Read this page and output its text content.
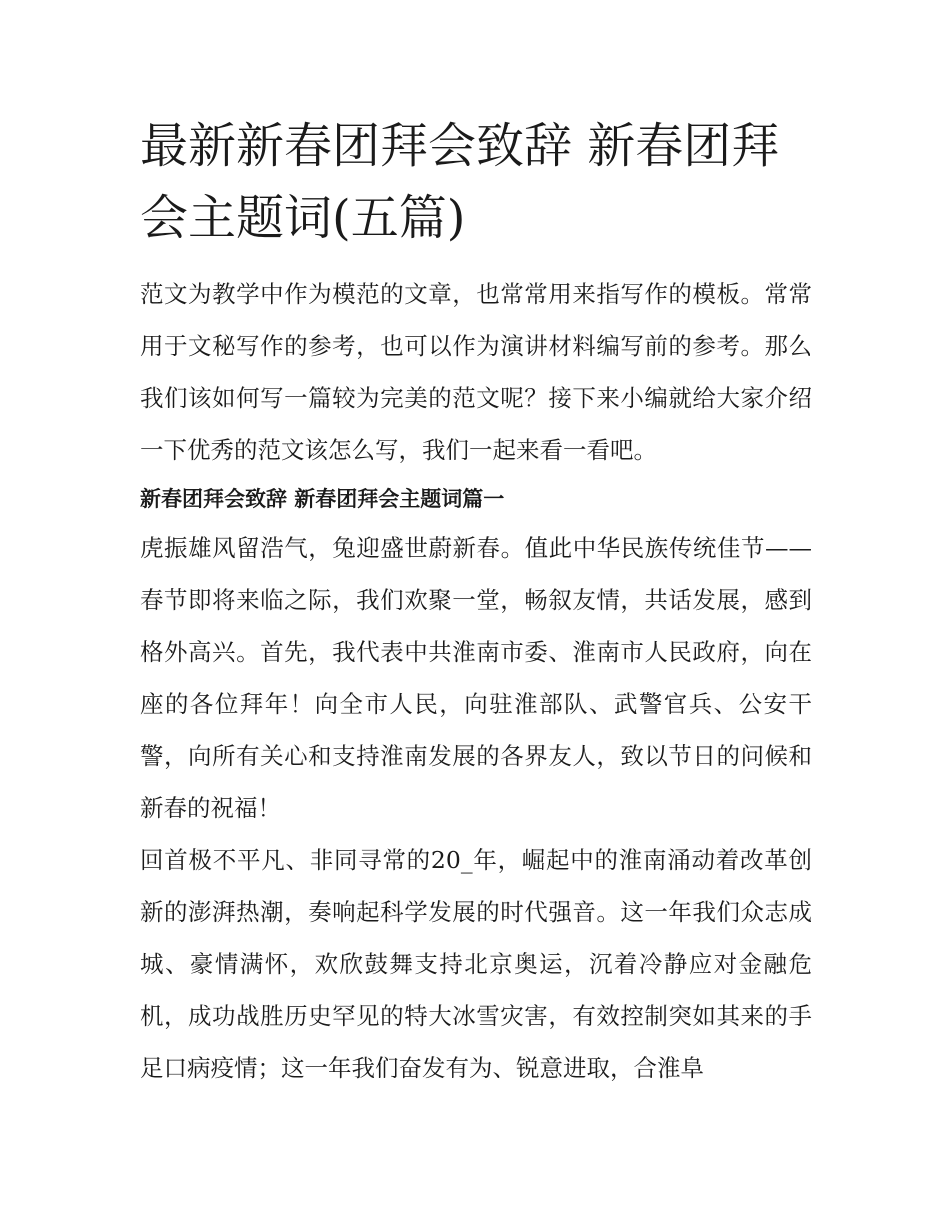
最新新春团拜会致辞 新春团拜会主题词(五篇)

范文为教学中作为模范的文章，也常常用来指写作的模板。常常用于文秘写作的参考，也可以作为演讲材料编写前的参考。那么我们该如何写一篇较为完美的范文呢？接下来小编就给大家介绍一下优秀的范文该怎么写，我们一起来看一看吧。

新春团拜会致辞 新春团拜会主题词篇一

虎振雄风留浩气，兔迎盛世蔚新春。值此中华民族传统佳节——春节即将来临之际，我们欢聚一堂，畅叙友情，共话发展，感到格外高兴。首先，我代表中共淮南市委、淮南市人民政府，向在座的各位拜年！向全市人民，向驻淮部队、武警官兵、公安干警，向所有关心和支持淮南发展的各界友人，致以节日的问候和新春的祝福！

回首极不平凡、非同寻常的20_年，崛起中的淮南涌动着改革创新的澎湃热潮，奏响起科学发展的时代强音。这一年我们众志成城、豪情满怀，欢欣鼓舞支持北京奥运，沉着冷静应对金融危机，成功战胜历史罕见的特大冰雪灾害，有效控制突如其来的手足口病疫情；这一年我们奋发有为、锐意进取，合淮阜
